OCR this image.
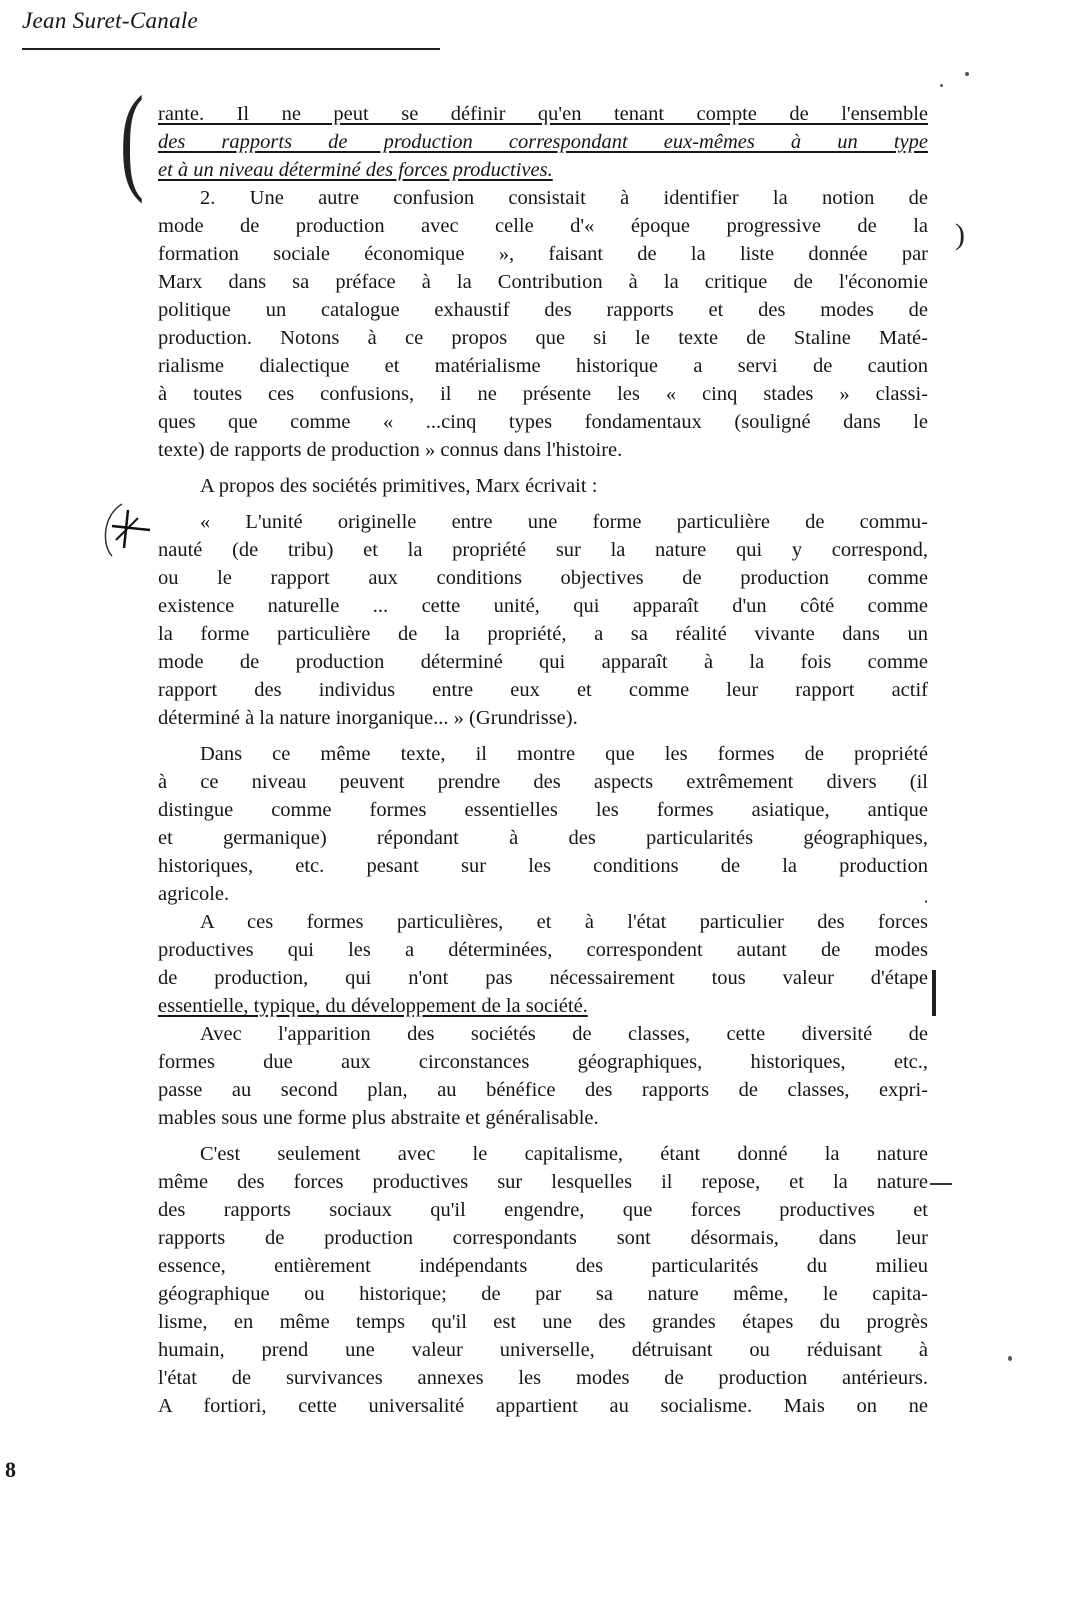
Jean Suret-Canale
(
)
rante. Il ne peut se définir qu'en tenant compte de l'ensemble
des rapports de production correspondant eux-mêmes à un type
et à un niveau déterminé des forces productives.
2. Une autre confusion consistait à identifier la notion de
mode de production avec celle d'« époque progressive de la
formation sociale économique », faisant de la liste donnée par
Marx dans sa préface à la Contribution à la critique de l'économie
politique un catalogue exhaustif des rapports et des modes de
production. Notons à ce propos que si le texte de Staline Maté-
rialisme dialectique et matérialisme historique a servi de caution
à toutes ces confusions, il ne présente les « cinq stades » classi-
ques que comme « ...cinq types fondamentaux (souligné dans le
texte) de rapports de production » connus dans l'histoire.
A propos des sociétés primitives, Marx écrivait :
« L'unité originelle entre une forme particulière de commu-
nauté (de tribu) et la propriété sur la nature qui y correspond,
ou le rapport aux conditions objectives de production comme
existence naturelle ... cette unité, qui apparaît d'un côté comme
la forme particulière de la propriété, a sa réalité vivante dans un
mode de production déterminé qui apparaît à la fois comme
rapport des individus entre eux et comme leur rapport actif
déterminé à la nature inorganique... » (Grundrisse).
Dans ce même texte, il montre que les formes de propriété
à ce niveau peuvent prendre des aspects extrêmement divers (il
distingue comme formes essentielles les formes asiatique, antique
et germanique) répondant à des particularités géographiques,
historiques, etc. pesant sur les conditions de la production
agricole.
A ces formes particulières, et à l'état particulier des forces
productives qui les a déterminées, correspondent autant de modes
de production, qui n'ont pas nécessairement tous valeur d'étape
essentielle, typique, du développement de la société.
Avec l'apparition des sociétés de classes, cette diversité de
formes due aux circonstances géographiques, historiques, etc.,
passe au second plan, au bénéfice des rapports de classes, expri-
mables sous une forme plus abstraite et généralisable.
C'est seulement avec le capitalisme, étant donné la nature
même des forces productives sur lesquelles il repose, et la nature
des rapports sociaux qu'il engendre, que forces productives et
rapports de production correspondants sont désormais, dans leur
essence, entièrement indépendants des particularités du milieu
géographique ou historique; de par sa nature même, le capita-
lisme, en même temps qu'il est une des grandes étapes du progrès
humain, prend une valeur universelle, détruisant ou réduisant à
l'état de survivances annexes les modes de production antérieurs.
A fortiori, cette universalité appartient au socialisme. Mais on ne
8
